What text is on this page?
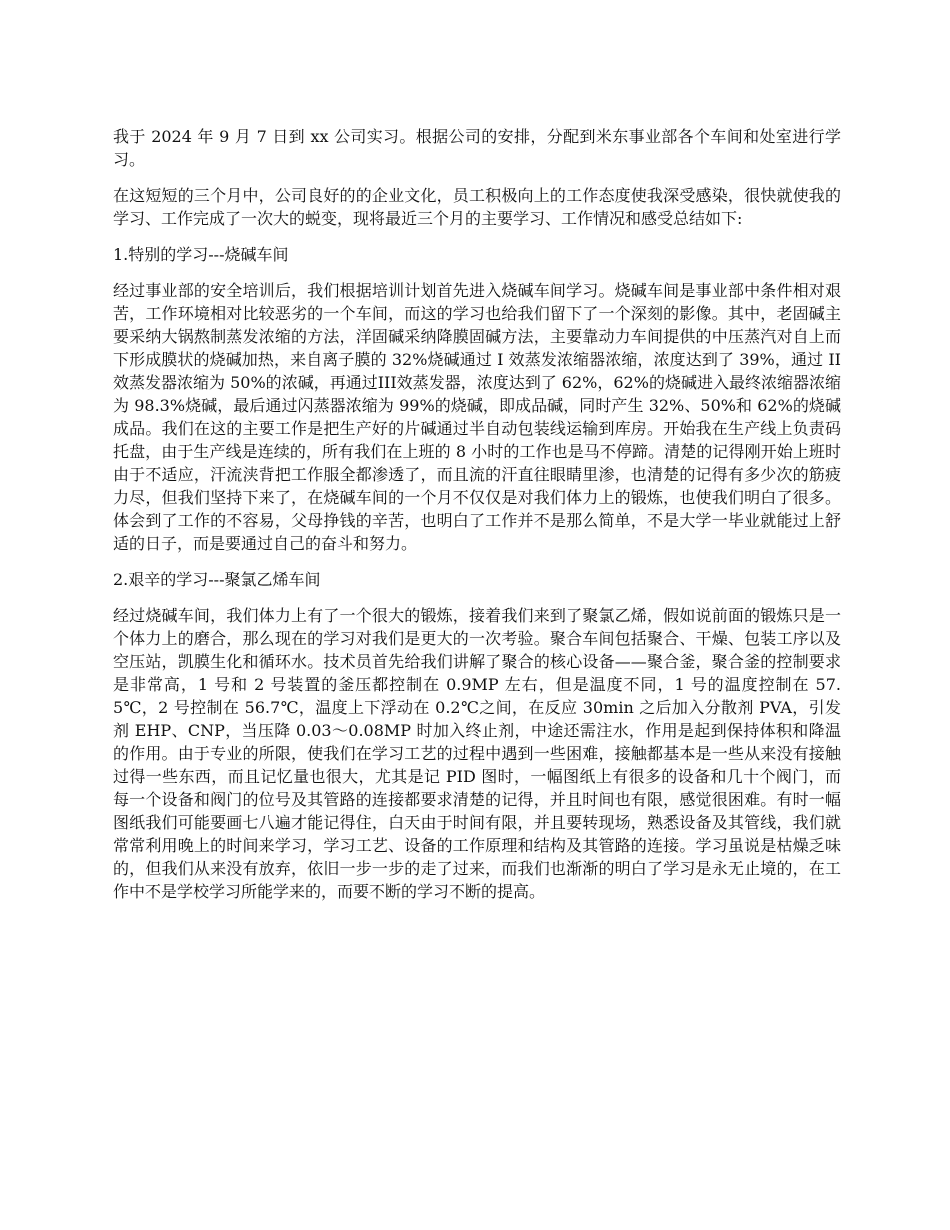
我于 2024 年 9 月 7 日到 xx 公司实习。根据公司的安排，分配到米东事业部各个车间和处室进行学习。

在这短短的三个月中，公司良好的的企业文化，员工积极向上的工作态度使我深受感染，很快就使我的学习、工作完成了一次大的蜕变，现将最近三个月的主要学习、工作情况和感受总结如下:

1.特别的学习---烧碱车间

经过事业部的安全培训后，我们根据培训计划首先进入烧碱车间学习。烧碱车间是事业部中条件相对艰苦，工作环境相对比较恶劣的一个车间，而这的学习也给我们留下了一个深刻的影像。其中，老固碱主要采纳大锅熬制蒸发浓缩的方法，洋固碱采纳降膜固碱方法，主要靠动力车间提供的中压蒸汽对自上而下形成膜状的烧碱加热，来自离子膜的 32%烧碱通过 I 效蒸发浓缩器浓缩，浓度达到了 39%，通过 II 效蒸发器浓缩为 50%的浓碱，再通过III效蒸发器，浓度达到了 62%，62%的烧碱进入最终浓缩器浓缩为 98.3%烧碱，最后通过闪蒸器浓缩为 99%的烧碱，即成品碱，同时产生 32%、50%和 62%的烧碱成品。我们在这的主要工作是把生产好的片碱通过半自动包装线运输到库房。开始我在生产线上负责码托盘，由于生产线是连续的，所有我们在上班的 8 小时的工作也是马不停蹄。清楚的记得刚开始上班时由于不适应，汗流浃背把工作服全都渗透了，而且流的汗直往眼睛里渗，也清楚的记得有多少次的筋疲力尽，但我们坚持下来了，在烧碱车间的一个月不仅仅是对我们体力上的锻炼，也使我们明白了很多。体会到了工作的不容易，父母挣钱的辛苦，也明白了工作并不是那么简单，不是大学一毕业就能过上舒适的日子，而是要通过自己的奋斗和努力。

2.艰辛的学习---聚氯乙烯车间

经过烧碱车间，我们体力上有了一个很大的锻炼，接着我们来到了聚氯乙烯，假如说前面的锻炼只是一个体力上的磨合，那么现在的学习对我们是更大的一次考验。聚合车间包括聚合、干燥、包装工序以及空压站，凯膜生化和循环水。技术员首先给我们讲解了聚合的核心设备——聚合釜，聚合釜的控制要求是非常高，1 号和 2 号装置的釜压都控制在 0.9MP 左右，但是温度不同，1 号的温度控制在 57.5℃，2 号控制在 56.7℃，温度上下浮动在 0.2℃之间，在反应 30min 之后加入分散剂 PVA，引发剂 EHP、CNP，当压降 0.03～0.08MP 时加入终止剂，中途还需注水，作用是起到保持体积和降温的作用。由于专业的所限，使我们在学习工艺的过程中遇到一些困难，接触都基本是一些从来没有接触过得一些东西，而且记忆量也很大，尤其是记 PID 图时，一幅图纸上有很多的设备和几十个阀门，而每一个设备和阀门的位号及其管路的连接都要求清楚的记得，并且时间也有限，感觉很困难。有时一幅图纸我们可能要画七八遍才能记得住，白天由于时间有限，并且要转现场，熟悉设备及其管线，我们就常常利用晚上的时间来学习，学习工艺、设备的工作原理和结构及其管路的连接。学习虽说是枯燥乏味的，但我们从来没有放弃，依旧一步一步的走了过来，而我们也渐渐的明白了学习是永无止境的，在工作中不是学校学习所能学来的，而要不断的学习不断的提高。
